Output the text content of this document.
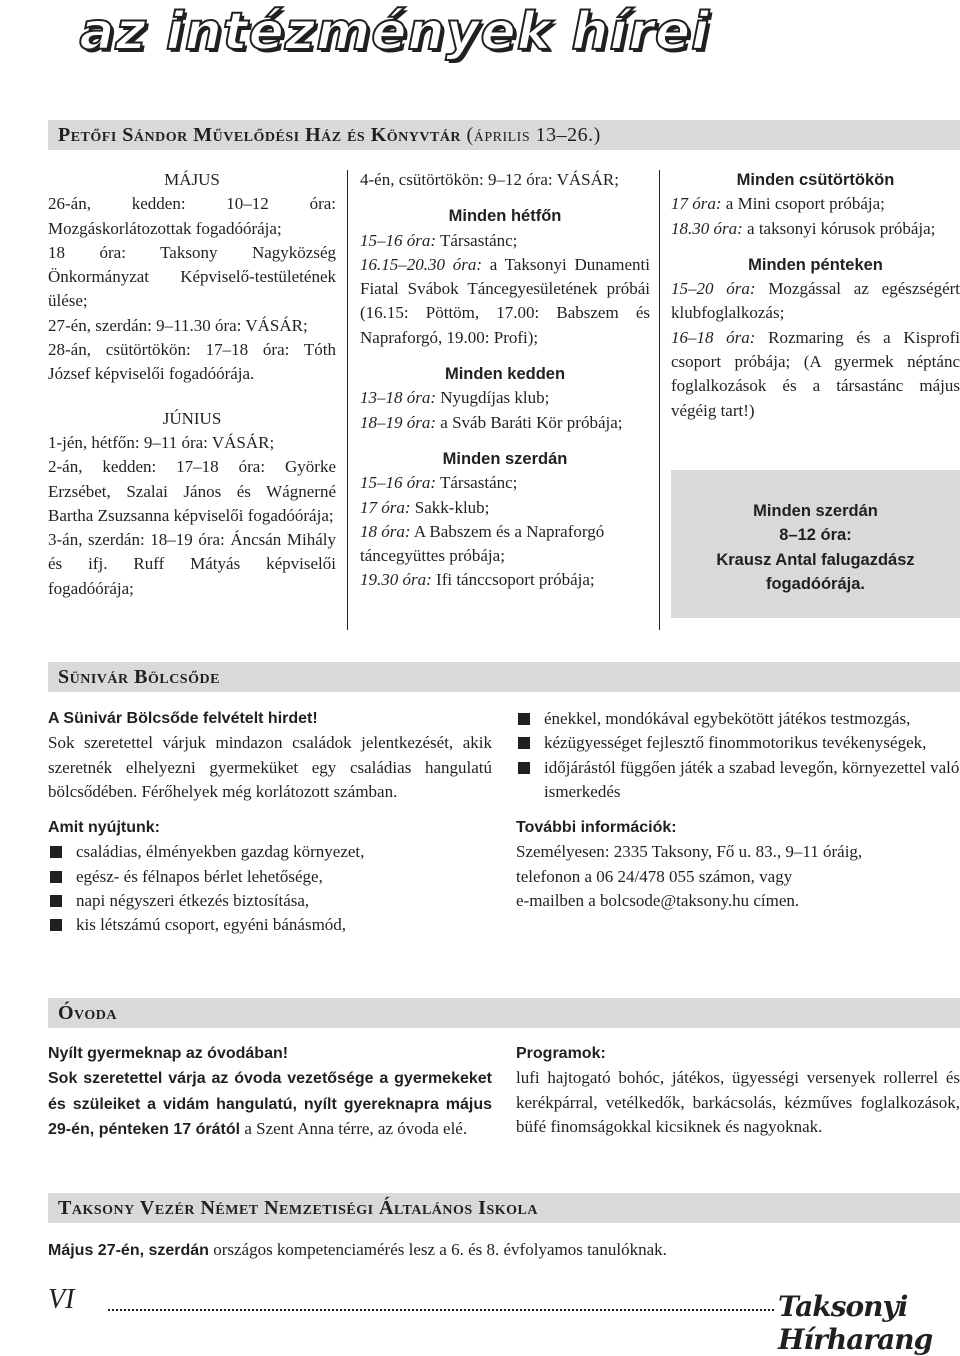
az intézmények hírei
Petőfi Sándor Művelődési Ház és Könyvtár (április 13–26.)

MÁJUS

26-án, kedden: 10–12 óra: Mozgáskorlátozottak fogadóórája;

18 óra: Taksony Nagyközség Önkormányzat Képviselő-testületének ülése;

27-én, szerdán: 9–11.30 óra: VÁSÁR;

28-án, csütörtökön: 17–18 óra: Tóth József képviselői fogadóórája.

JÚNIUS

1-jén, hétfőn: 9–11 óra: VÁSÁR;

2-án, kedden: 17–18 óra: Györke Erzsébet, Szalai János és Wágnerné Bartha Zsuzsanna képviselői fogadóórája;

3-án, szerdán: 18–19 óra: Áncsán Mihály és ifj. Ruff Mátyás képviselői fogadóórája;

4-én, csütörtökön: 9–12 óra: VÁSÁR;

Minden hétfőn

15–16 óra: Társastánc;

16.15–20.30 óra: a Taksonyi Dunamenti Fiatal Svábok Táncegyesületének próbái (16.15: Pöttöm, 17.00: Babszem és Napraforgó, 19.00: Profi);

Minden kedden

13–18 óra: Nyugdíjas klub;

18–19 óra: a Sváb Baráti Kör próbája;

Minden szerdán

15–16 óra: Társastánc;

17 óra: Sakk-klub;

18 óra: A Babszem és a Napraforgó táncegyüttes próbája;

19.30 óra: Ifi tánccsoport próbája;

Minden csütörtökön

17 óra: a Mini csoport próbája;

18.30 óra: a taksonyi kórusok próbája;

Minden pénteken

15–20 óra: Mozgással az egészségért klubfoglalkozás;

16–18 óra: Rozmaring és a Kisprofi csoport próbája; (A gyermek néptánc foglalkozások és a társastánc május végéig tart!)

Minden szerdán
8–12 óra:
Krausz Antal falugazdász fogadóórája.
Sünivár Bölcsőde

A Sünivár Bölcsőde felvételt hirdet!

Sok szeretettel várjuk mindazon családok jelentkezését, akik szeretnék elhelyezni gyermeküket egy családias hangulatú bölcsődében. Férőhelyek még korlátozott számban.

Amit nyújtunk:

családias, élményekben gazdag környezet,
egész- és félnapos bérlet lehetősége,
napi négyszeri étkezés biztosítása,
kis létszámú csoport, egyéni bánásmód,
énekkel, mondókával egybekötött játékos testmozgás,
kézügyességet fejlesztő finommotorikus tevékenységek,
időjárástól függően játék a szabad levegőn, környezettel való ismerkedés

További információk:

Személyesen: 2335 Taksony, Fő u. 83., 9–11 óráig,

telefonon a 06 24/478 055 számon, vagy

e-mailben a bolcsode@taksony.hu címen.

Óvoda

Nyílt gyermeknap az óvodában!

Sok szeretettel várja az óvoda vezetősége a gyermekeket és szüleiket a vidám hangulatú, nyílt gyereknapra május 29-én, pénteken 17 órától a Szent Anna térre, az óvoda elé.

Programok:

lufi hajtogató bohóc, játékos, ügyességi versenyek rollerrel és kerékpárral, vetélkedők, barkácsolás, kézműves foglalkozások, büfé finomságokkal kicsiknek és nagyoknak.

Taksony Vezér Német Nemzetiségi Általános Iskola

Május 27-én, szerdán országos kompetenciamérés lesz a 6. és 8. évfolyamos tanulóknak.

VI	Taksonyi Hírharang
